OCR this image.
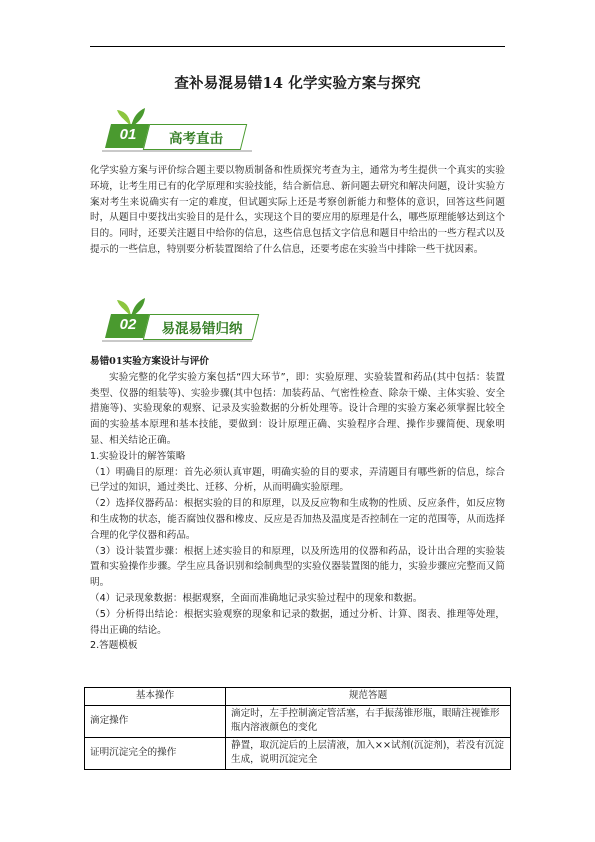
查补易混易错14 化学实验方案与探究
01	高考直击

化学实验方案与评价综合题主要以物质制备和性质探究考查为主，通常为考生提供一个真实的实验环境，让考生用已有的化学原理和实验技能，结合新信息、新问题去研究和解决问题，设计实验方案对考生来说确实有一定的难度，但试题实际上还是考察创新能力和整体的意识，回答这些问题时，从题目中要找出实验目的是什么，实现这个目的要应用的原理是什么，哪些原理能够达到这个目的。同时，还要关注题目中给你的信息，这些信息包括文字信息和题目中给出的一些方程式以及提示的一些信息，特别要分析装置图给了什么信息，还要考虑在实验当中排除一些干扰因素。

02	易混易错归纳

易错01实验方案设计与评价

实验完整的化学实验方案包括“四大环节”，即：实验原理、实验装置和药品(其中包括：装置类型、仪器的组装等)、实验步骤(其中包括：加装药品、气密性检查、除杂干燥、主体实验、安全措施等)、实验现象的观察、记录及实验数据的分析处理等。设计合理的实验方案必须掌握比较全面的实验基本原理和基本技能，要做到：设计原理正确、实验程序合理、操作步骤简便、现象明显、相关结论正确。

1.实验设计的解答策略

（1）明确目的原理：首先必须认真审题，明确实验的目的要求，弄清题目有哪些新的信息，综合已学过的知识，通过类比、迁移、分析，从而明确实验原理。

（2）选择仪器药品：根据实验的目的和原理，以及反应物和生成物的性质、反应条件，如反应物和生成物的状态，能否腐蚀仪器和橡皮、反应是否加热及温度是否控制在一定的范围等，从而选择合理的化学仪器和药品。

（3）设计装置步骤：根据上述实验目的和原理，以及所选用的仪器和药品，设计出合理的实验装置和实验操作步骤。学生应具备识别和绘制典型的实验仪器装置图的能力，实验步骤应完整而又简明。

（4）记录现象数据：根据观察，全面而准确地记录实验过程中的现象和数据。

（5）分析得出结论：根据实验观察的现象和记录的数据，通过分析、计算、图表、推理等处理，得出正确的结论。

2.答题模板

基本操作	规范答题
滴定操作	滴定时，左手控制滴定管活塞，右手振荡锥形瓶，眼睛注视锥形瓶内溶液颜色的变化
证明沉淀完全的操作	静置，取沉淀后的上层清液，加入××试剂(沉淀剂)，若没有沉淀生成，说明沉淀完全
